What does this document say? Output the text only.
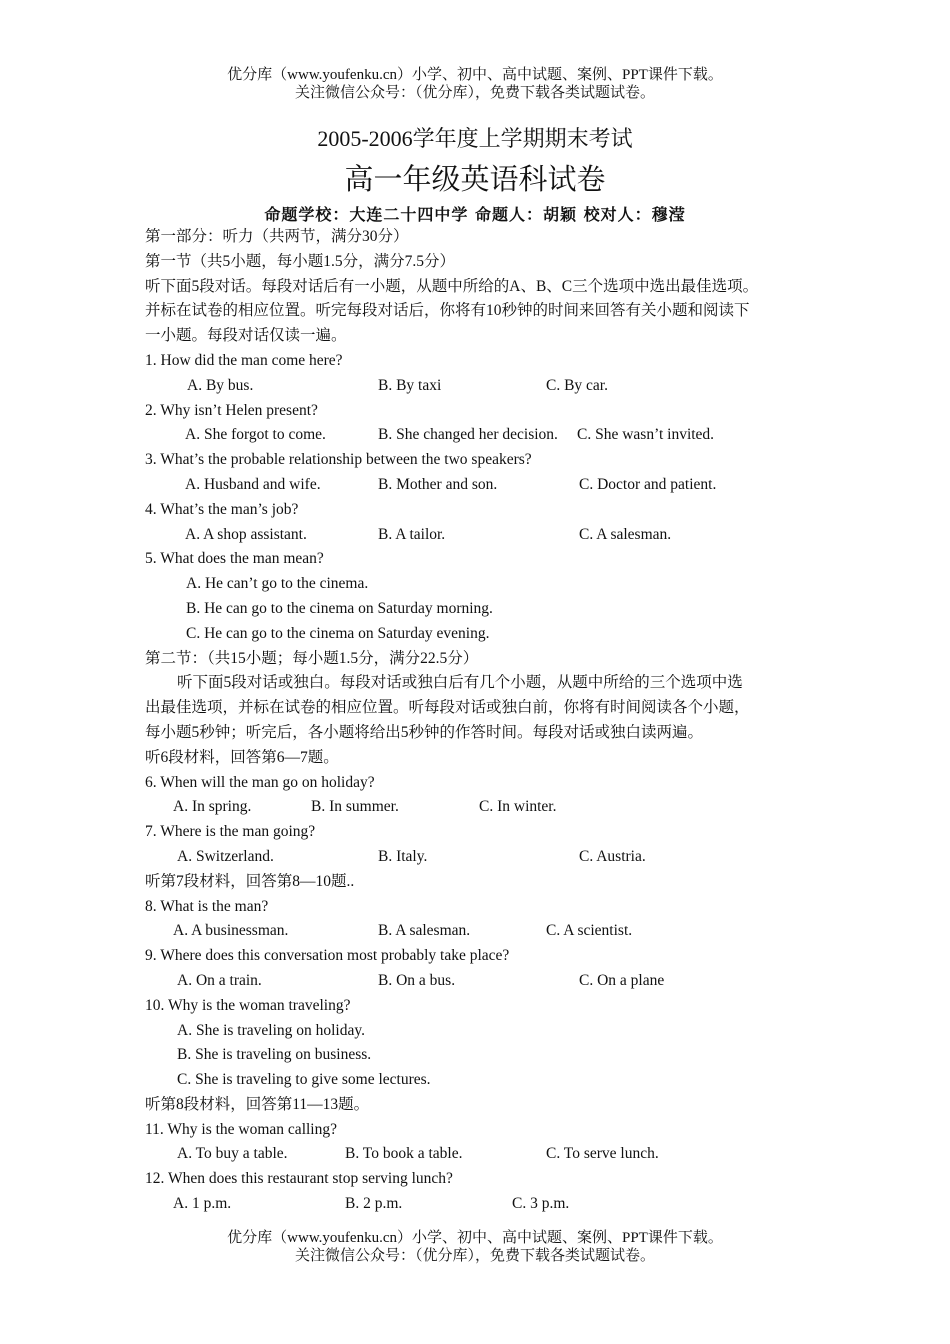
优分库（www.youfenku.cn）小学、初中、高中试题、案例、PPT课件下载。
关注微信公众号：（优分库），免费下载各类试题试卷。
2005-2006学年度上学期期末考试
高一年级英语科试卷
命题学校：大连二十四中学 命题人：胡颖 校对人：穆滢
第一部分：听力（共两节，满分30分）
第一节（共5小题，每小题1.5分，满分7.5分）
听下面5段对话。每段对话后有一小题，从题中所给的A、B、C三个选项中选出最佳选项。
并标在试卷的相应位置。听完每段对话后，你将有10秒钟的时间来回答有关小题和阅读下
一小题。每段对话仅读一遍。
1. How did the man come here?
A. By bus.	B. By taxi	C. By car.
2. Why isn’t Helen present?
A. She forgot to come.	B. She changed her decision. C. She wasn’t invited.
3. What’s the probable relationship between the two speakers?
A. Husband and wife.	B. Mother and son.	C. Doctor and patient.
4. What’s the man’s job?
A. A shop assistant.	B. A tailor.	C. A salesman.
5. What does the man mean?
A. He can’t go to the cinema.
B. He can go to the cinema on Saturday morning.
C. He can go to the cinema on Saturday evening.
第二节：（共15小题；每小题1.5分，满分22.5分）
听下面5段对话或独白。每段对话或独白后有几个小题，从题中所给的三个选项中选
出最佳选项，并标在试卷的相应位置。听每段对话或独白前，你将有时间阅读各个小题，
每小题5秒钟；听完后，各小题将给出5秒钟的作答时间。每段对话或独白读两遍。
听6段材料，回答第6—7题。
6. When will the man go on holiday?
A. In spring.	B. In summer.	C. In winter.
7. Where is the man going?
A. Switzerland.	B. Italy.	C. Austria.
听第7段材料，回答第8—10题..
8. What is the man?
A. A businessman.	B. A salesman.	C. A scientist.
9. Where does this conversation most probably take place?
A. On a train.	B. On a bus.	C. On a plane
10. Why is the woman traveling?
A. She is traveling on holiday.
B. She is traveling on business.
C. She is traveling to give some lectures.
听第8段材料，回答第11—13题。
11. Why is the woman calling?
A. To buy a table.	B. To book a table.	C. To serve lunch.
12. When does this restaurant stop serving lunch?
A. 1 p.m.	B. 2 p.m.	C. 3 p.m.
优分库（www.youfenku.cn）小学、初中、高中试题、案例、PPT课件下载。
关注微信公众号：（优分库），免费下载各类试题试卷。
